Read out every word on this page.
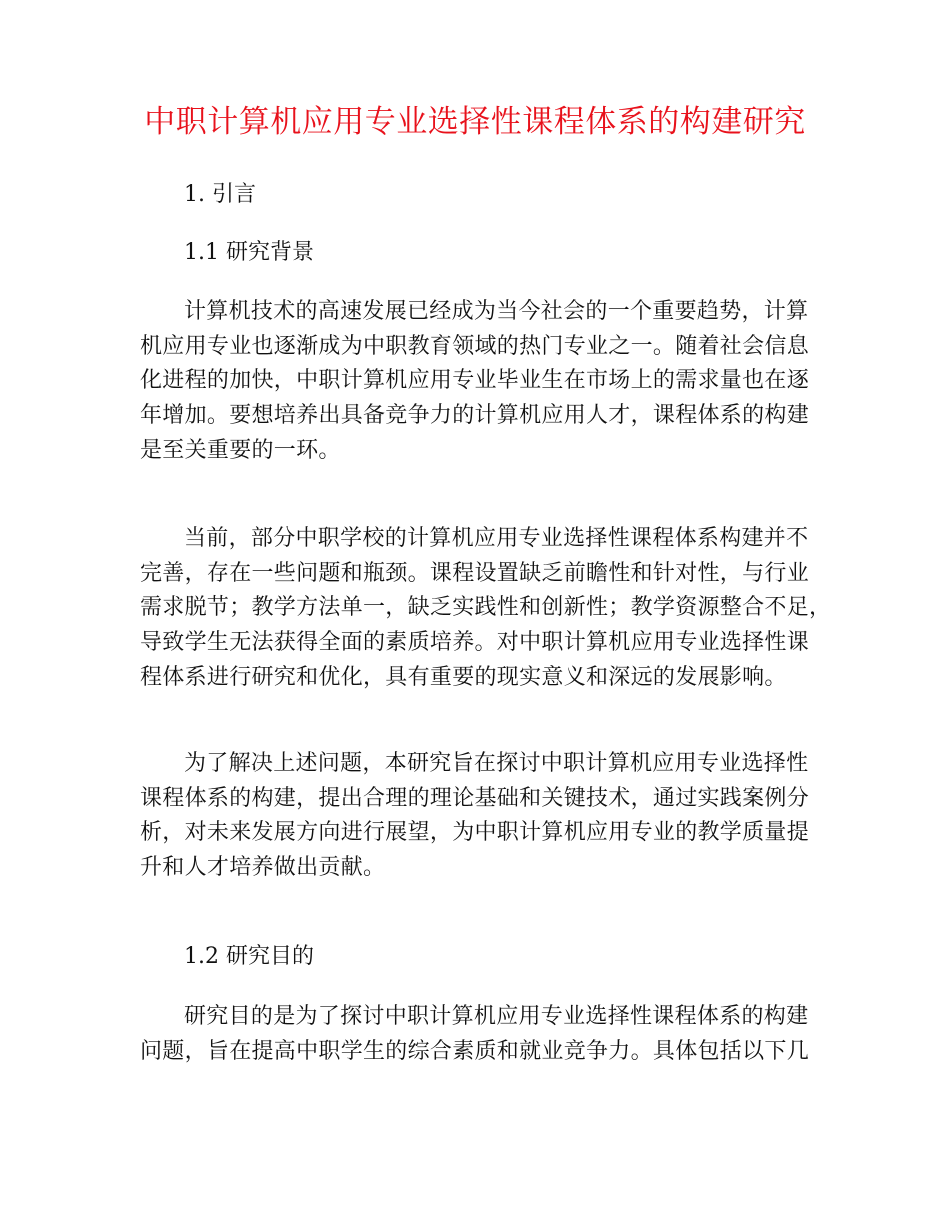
中职计算机应用专业选择性课程体系的构建研究
1. 引言
1.1 研究背景
计算机技术的高速发展已经成为当今社会的一个重要趋势，计算
机应用专业也逐渐成为中职教育领域的热门专业之一。随着社会信息
化进程的加快，中职计算机应用专业毕业生在市场上的需求量也在逐
年增加。要想培养出具备竞争力的计算机应用人才，课程体系的构建
是至关重要的一环。
当前，部分中职学校的计算机应用专业选择性课程体系构建并不
完善，存在一些问题和瓶颈。课程设置缺乏前瞻性和针对性，与行业
需求脱节；教学方法单一，缺乏实践性和创新性；教学资源整合不足，
导致学生无法获得全面的素质培养。对中职计算机应用专业选择性课
程体系进行研究和优化，具有重要的现实意义和深远的发展影响。
为了解决上述问题，本研究旨在探讨中职计算机应用专业选择性
课程体系的构建，提出合理的理论基础和关键技术，通过实践案例分
析，对未来发展方向进行展望，为中职计算机应用专业的教学质量提
升和人才培养做出贡献。
1.2 研究目的
研究目的是为了探讨中职计算机应用专业选择性课程体系的构建
问题，旨在提高中职学生的综合素质和就业竞争力。具体包括以下几
